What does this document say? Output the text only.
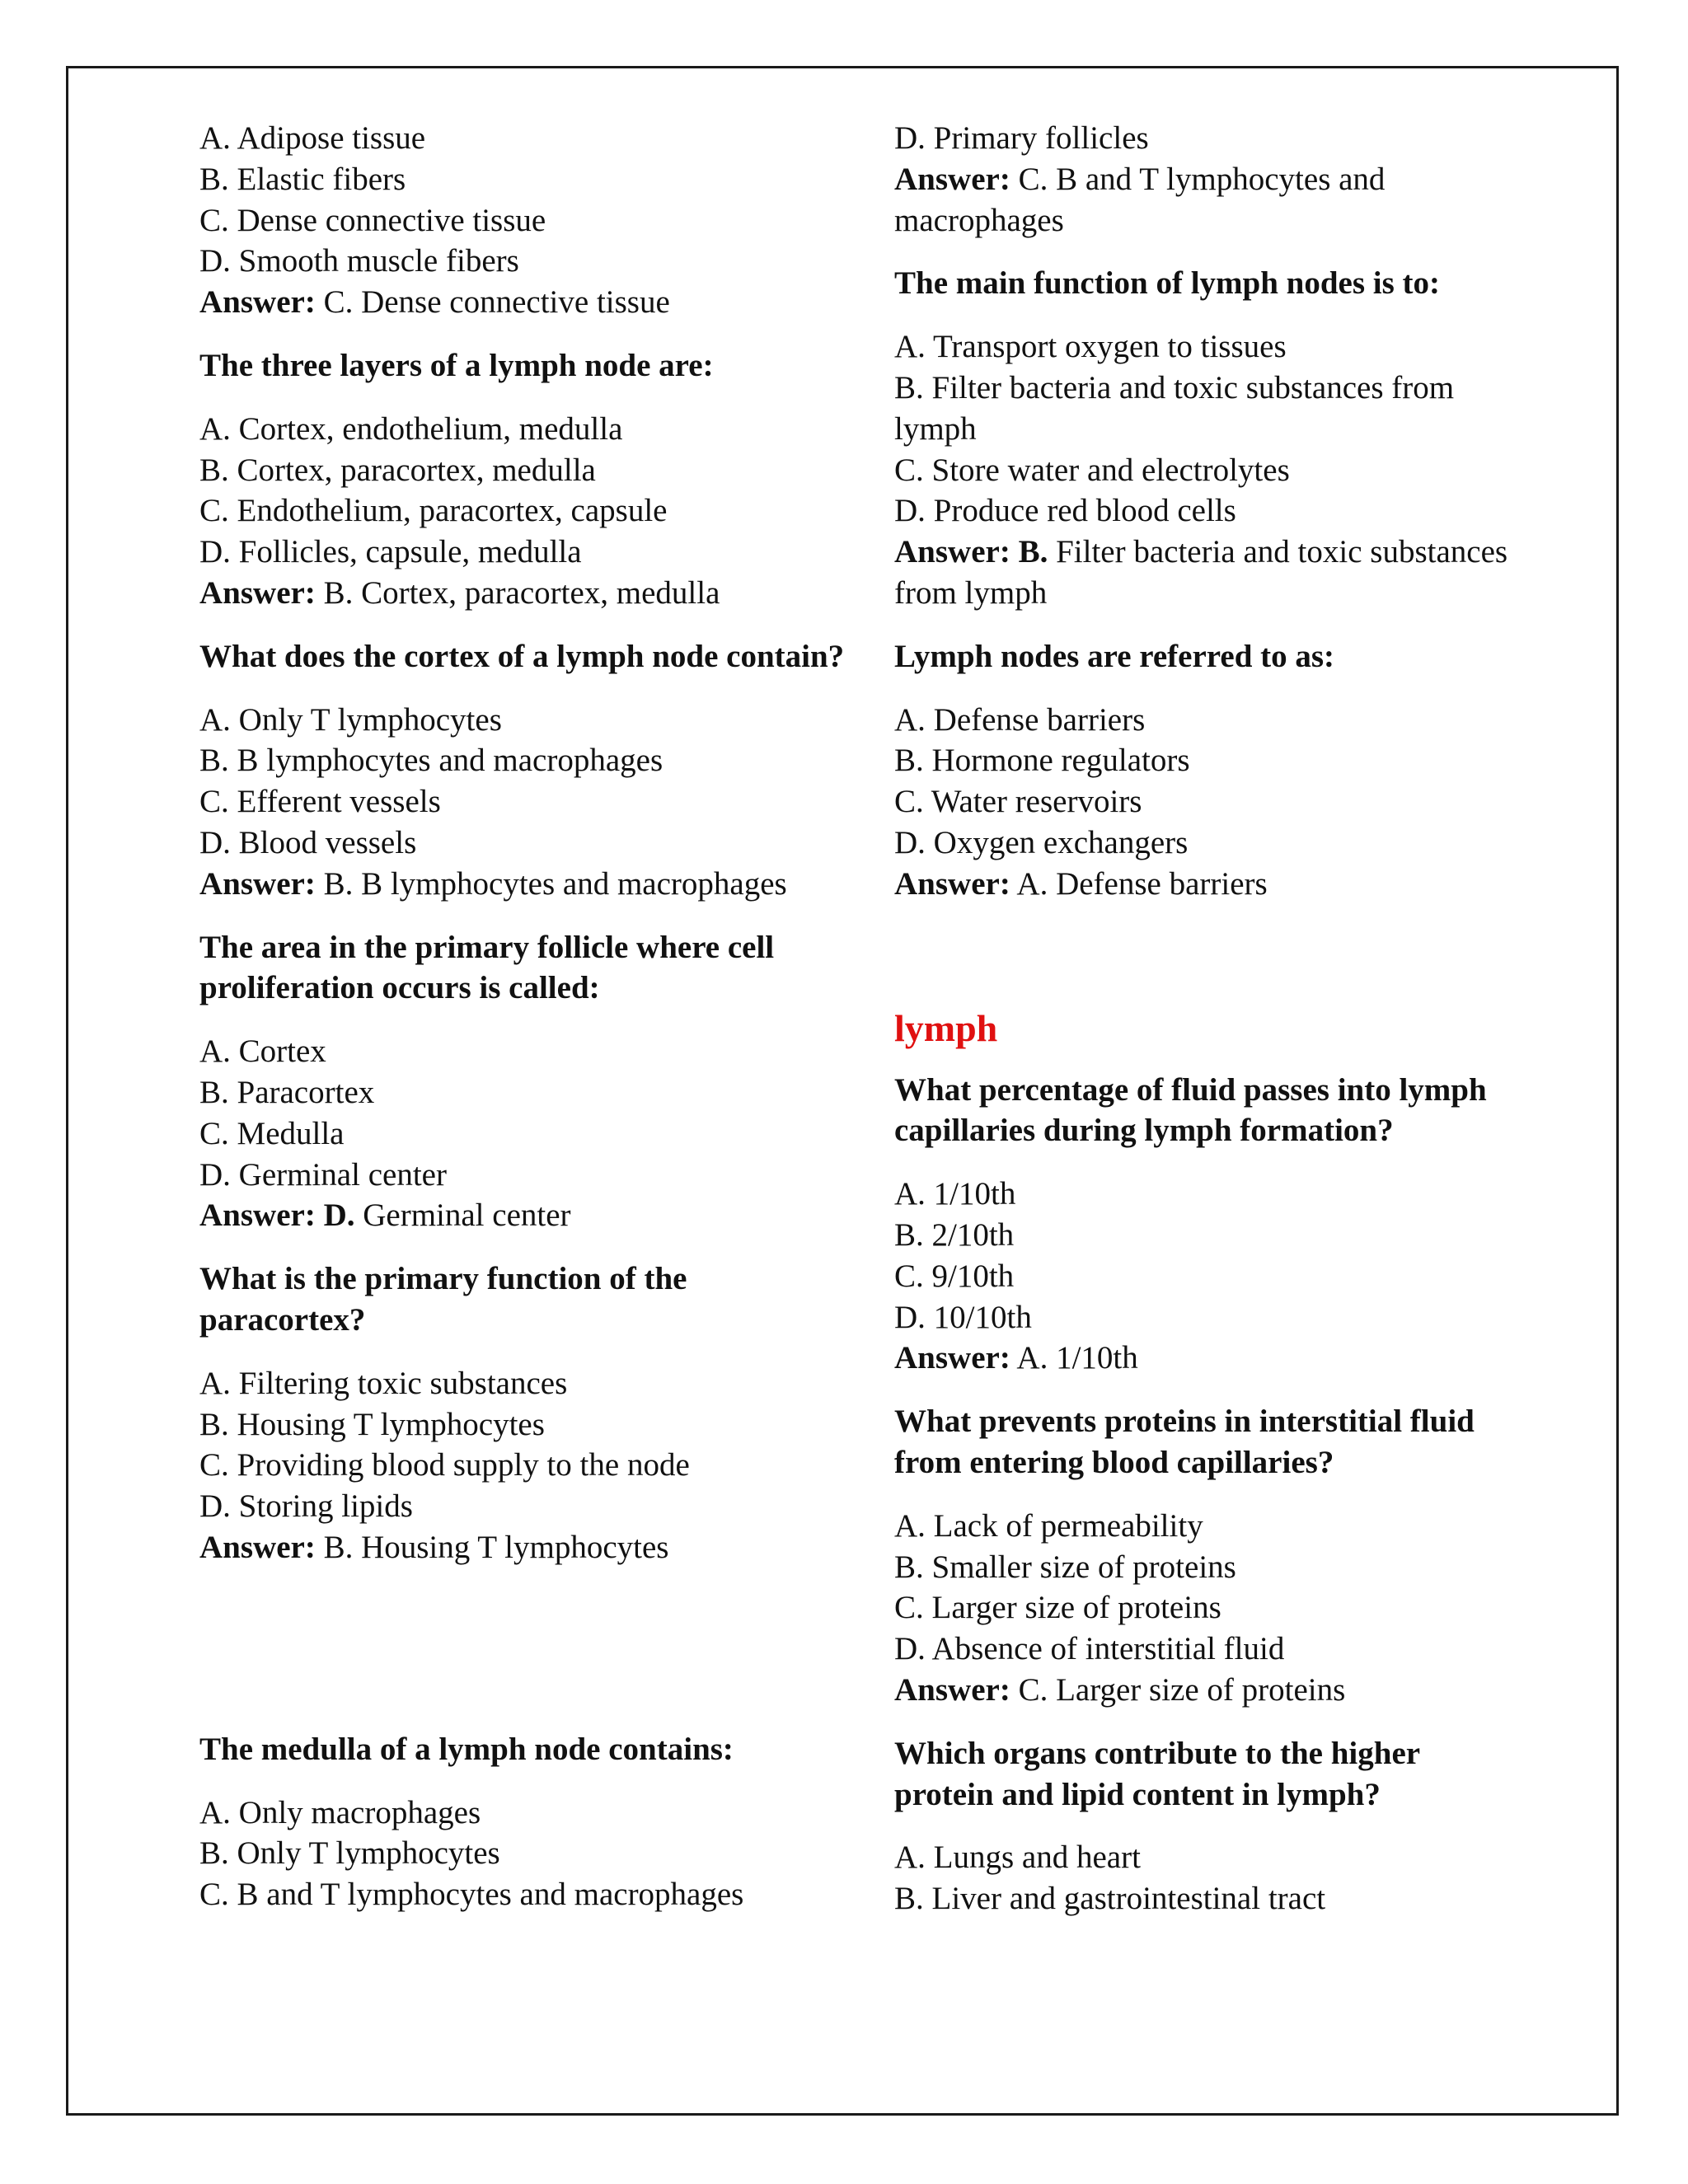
A. Adipose tissue
B. Elastic fibers
C. Dense connective tissue
D. Smooth muscle fibers
Answer: C. Dense connective tissue

The three layers of a lymph node are:

A. Cortex, endothelium, medulla
B. Cortex, paracortex, medulla
C. Endothelium, paracortex, capsule
D. Follicles, capsule, medulla
Answer: B. Cortex, paracortex, medulla

What does the cortex of a lymph node contain?

A. Only T lymphocytes
B. B lymphocytes and macrophages
C. Efferent vessels
D. Blood vessels
Answer: B. B lymphocytes and macrophages

The area in the primary follicle where cell proliferation occurs is called:

A. Cortex
B. Paracortex
C. Medulla
D. Germinal center
Answer: D. Germinal center

What is the primary function of the paracortex?

A. Filtering toxic substances
B. Housing T lymphocytes
C. Providing blood supply to the node
D. Storing lipids
Answer: B. Housing T lymphocytes

The medulla of a lymph node contains:

A. Only macrophages
B. Only T lymphocytes
C. B and T lymphocytes and macrophages
D. Primary follicles
Answer: C. B and T lymphocytes and macrophages

The main function of lymph nodes is to:

A. Transport oxygen to tissues
B. Filter bacteria and toxic substances from lymph
C. Store water and electrolytes
D. Produce red blood cells
Answer: B. Filter bacteria and toxic substances from lymph

Lymph nodes are referred to as:

A. Defense barriers
B. Hormone regulators
C. Water reservoirs
D. Oxygen exchangers
Answer: A. Defense barriers
lymph

What percentage of fluid passes into lymph capillaries during lymph formation?

A. 1/10th
B. 2/10th
C. 9/10th
D. 10/10th
Answer: A. 1/10th

What prevents proteins in interstitial fluid from entering blood capillaries?

A. Lack of permeability
B. Smaller size of proteins
C. Larger size of proteins
D. Absence of interstitial fluid
Answer: C. Larger size of proteins

Which organs contribute to the higher protein and lipid content in lymph?

A. Lungs and heart
B. Liver and gastrointestinal tract
